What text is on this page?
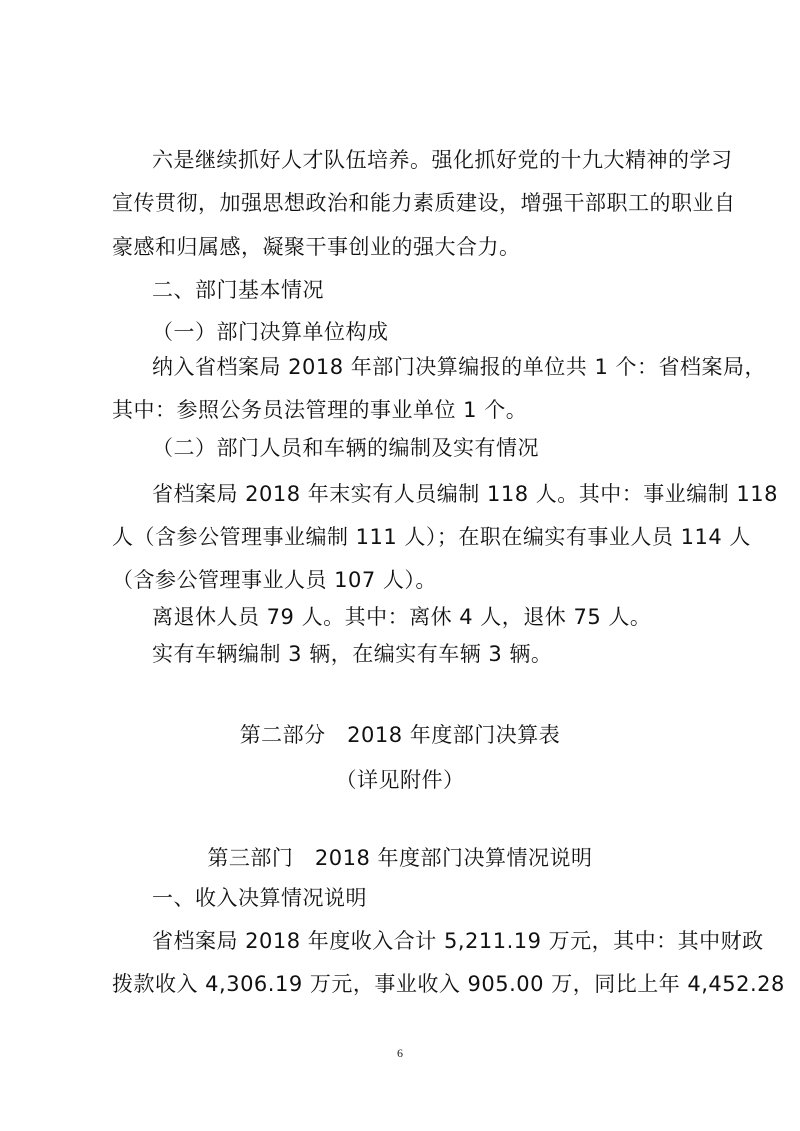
六是继续抓好人才队伍培养。强化抓好党的十九大精神的学习
宣传贯彻，加强思想政治和能力素质建设，增强干部职工的职业自
豪感和归属感，凝聚干事创业的强大合力。
二、部门基本情况
（一）部门决算单位构成
纳入省档案局 2018 年部门决算编报的单位共 1 个：省档案局，
其中：参照公务员法管理的事业单位 1 个。
（二）部门人员和车辆的编制及实有情况
省档案局 2018 年末实有人员编制 118 人。其中：事业编制 118
人（含参公管理事业编制 111 人）；在职在编实有事业人员 114 人
（含参公管理事业人员 107 人）。
离退休人员 79 人。其中：离休 4 人，退休 75 人。
实有车辆编制 3 辆，在编实有车辆 3 辆。
第二部分　2018 年度部门决算表
（详见附件）
第三部门　2018 年度部门决算情况说明
一、收入决算情况说明
省档案局 2018 年度收入合计 5,211.19 万元，其中：其中财政
拨款收入 4,306.19 万元，事业收入 905.00 万，同比上年 4,452.28
6
